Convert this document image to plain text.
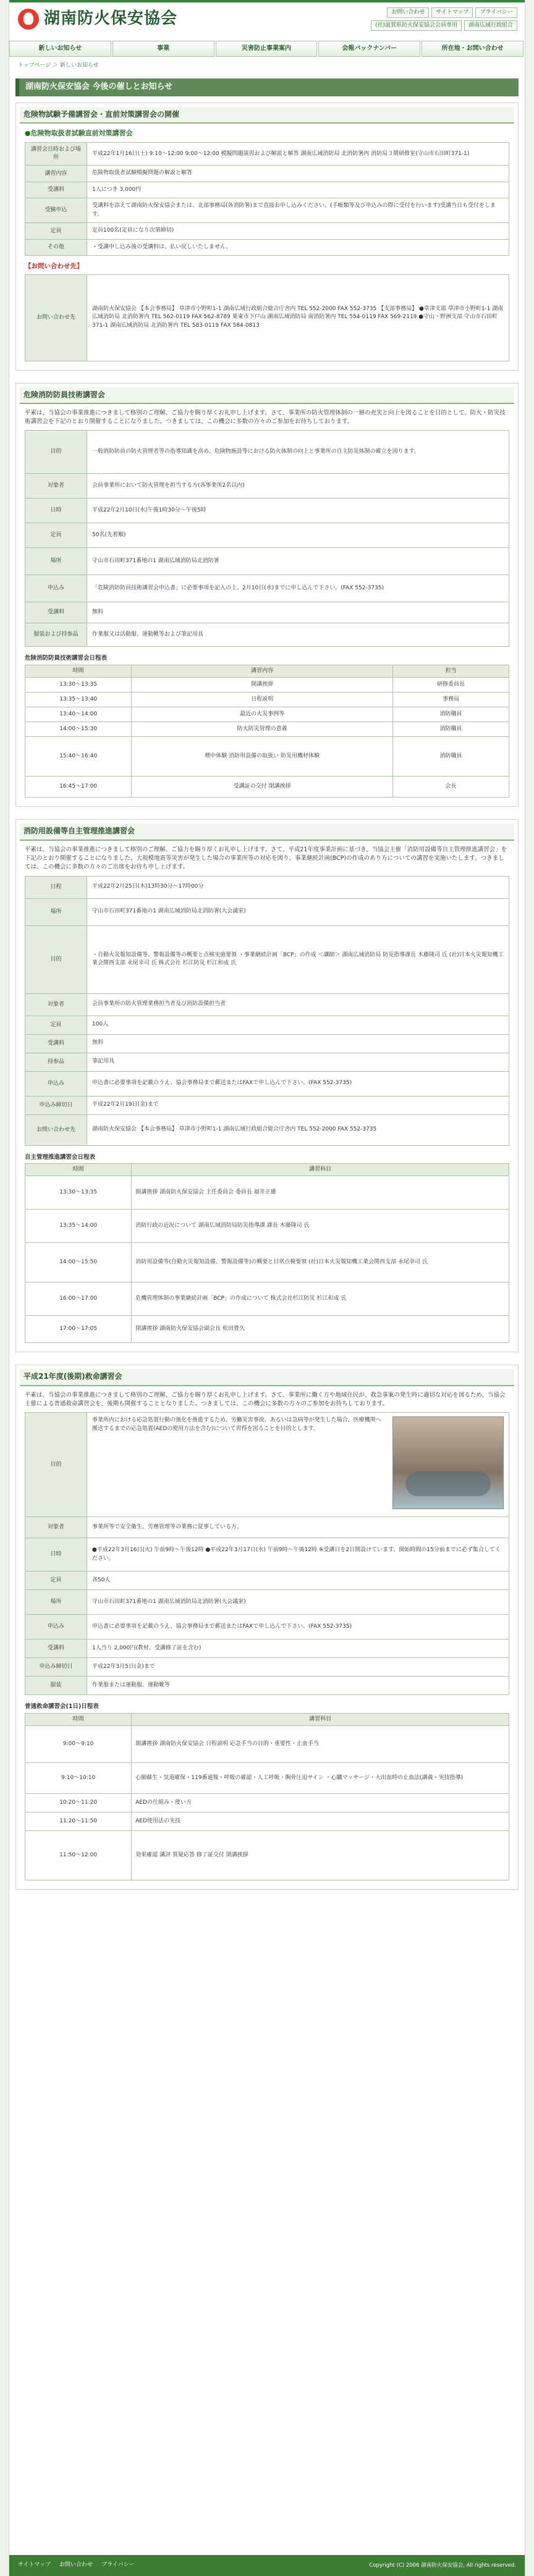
湖南防火保安協会	お問い合わせ	サイトマップ	プライバシー
(社)滋賀県防火保安協会会員専用	湖南広域行政組合
新しいお知らせ	事業	災害防止事業案内	会報バックナンバー	所在地・お問い合わせ
トップページ ＞ 新しいお知らせ
湖南防火保安協会 今後の催しとお知らせ
危険物試験予備講習会・直前対策講習会の開催
●危険物取扱者試験直前対策講習会
講習会日時および場所	平成22年1月16日(土) 9:10〜12:00 9:00〜12:00 模擬問題演習および解説と解答 湖南広域消防局 北消防署内 消防局３階研修室(守山市石田町371-1)
講習内容	危険物取扱者試験模擬問題の解説と解答
受講料	1人につき 3,000円
受験申込	受講料を添えて湖南防火保安協会または、北部事務局(各消防署)まで直接お申し込みください。(手帳類等及び申込みの際に受付を行います)受講当日も受付をします。
定員	定員100名(定員になり次第締切)
その他	・受講申し込み後の受講料は、払い戻しいたしません。
【お問い合わせ先】
お問い合わせ先	湖南防火保安協会 【本会事務局】 草津市小野町1-1 湖南広域行政組合総合庁舎内 TEL 552-2000 FAX 552-3735 【支部事務局】 ●草津支部 草津市小野町1-1 湖南広域消防局 北消防署内 TEL 562-0119 FAX 562-8789 栗東市下戸山 湖南広域消防局 南消防署内 TEL 554-0119 FAX 569-2119 ●守山・野洲支部 守山市石田町371-1 湖南広域消防局 北消防署内 TEL 583-0119 FAX 584-0813
危険消防防員技術講習会

平素は、当協会の事業推進につきまして格別のご理解、ご協力を賜り厚くお礼申し上げます。さて、事業所の防火管理体制の一層の充実と向上を図ることを目的として、防火・防災技術講習会を下記のとおり開催することになりました。つきましては、この機会に多数の方々のご参加をお待ちしております。

目的	一般消防防員の防火管理者等の指導知識を高め、危険物施設等における防火体制の向上と事業所の自主防災体制の確立を図ります。
対象者	会員事業所において防火管理を担当する方(各事業所2名以内)
日時	平成22年2月10日(水)午後1時30分〜午後5時
定員	50名(先着順)
場所	守山市石田町371番地の1 湖南広域消防局北消防署
申込み	「危険消防防員技術講習会申込書」に必要事項を記入の上、2月10日(水)までに申し込んで下さい。(FAX 552-3735)
受講料	無料
服装および持参品	作業服又は活動服、運動靴等および筆記用具
危険消防防員技術講習会日程表
時間	講習内容	担当
13:30〜13:35	開講挨拶	研修委員長
13:35〜13:40	日程説明	事務局
13:40〜14:00	最近の火災事例等	消防職員
14:00〜15:30	防火防災管理の意義	消防職員
15:40〜16:40	煙中体験 消防用設備の取扱い 防災用機材体験	消防職員
16:45〜17:00	受講証の交付 閉講挨拶	会長
消防用設備等自主管理推進講習会

平素は、当協会の事業推進につきまして格別のご理解、ご協力を賜り厚くお礼申し上げます。さて、平成21年度事業計画に基づき、当協会主催「消防用設備等自主管理推進講習会」を下記のとおり開催することになりました。大規模地震等災害が発生した場合の事業所等の対応を図り、事業継続計画(BCP)の作成のあり方についての講習を実施いたします。つきましては、この機会に多数の方々のご出席をお待ち申し上げます。

日程	平成22年2月25日(木)13時30分〜17時00分
場所	守山市石田町371番地の1 湖南広域消防局北消防署(大会議室)
目的	・自動火災報知設備等、警報設備等の概要と点検実施要領 ・事業継続計画「BCP」の作成 ＜講師＞ 湖南広域消防局 防災指導課長 木藤隆司 氏 (社)日本火災報知機工業会関西支部 永尾幸司 氏 株式会社 杉江防災 杉江和成 氏
対象者	会員事業所の防火管理業務担当者及び消防設備担当者
定員	100人
受講料	無料
持参品	筆記用具
申込み	申込書に必要事項を記載のうえ、協会事務局まで郵送またはFAXで申し込んで下さい。(FAX 552-3735)
申込み締切日	平成22年2月19日(金)まで
お問い合わせ先	湖南防火保安協会 【本会事務局】 草津市小野町1-1 湖南広域行政組合総合庁舎内 TEL 552-2000 FAX 552-3735
自主管理推進講習会日程表
時間	講習科目
13:30〜13:35	開講挨拶 湖南防火保安協会 主任委員会 委員長 福井正雄
13:35〜14:00	消防行政の近況について 湖南広域消防局防災指導課 課長 木藤隆司 氏
14:00〜15:50	消防用設備等(自動火災報知設備、警報設備等)の概要と日常点検要領 (社)日本火災報知機工業会関西支部 永尾幸司 氏
16:00〜17:00	危機管理体制の事業継続計画「BCP」の作成について 株式会社杉江防災 杉江和成 氏
17:00〜17:05	閉講挨拶 湖南防火保安協会副会長 松田豊久
平成21年度(後期)救命講習会

平素は、当協会の事業推進につきまして格別のご理解、ご協力を賜り厚くお礼申し上げます。さて、事業所に働く方や地域住民が、救急事案の発生時に適切な対応を図るため、当協会主催による普通救命講習会を、後期も開催することとなりました。つきましては、この機会に多数の方々のご参加をお待ちしております。

目的	事業所内における応急処置行動の強化を推進するため、労働災害事故、あるいは急病等が発生した場合、医療機関へ搬送するまでの応急処置(AEDの使用方法を含む)について習得を図ることを目的とします。

対象者	事業所等で安全衛生、労務管理等の業務に従事している方。
日時	●平成22年3月16日(火) 午前9時〜午後12時 ●平成22年3月17日(水) 午前9時〜午後12時 ※受講日を2日間設けています。開始時間の15分前までに必ず集合してください。
定員	各50人
場所	守山市石田町371番地の1 湖南広域消防局北消防署(大会議室)
申込み	申込書に必要事項を記載のうえ、協会事務局まで郵送またはFAXで申し込んで下さい。(FAX 552-3735)
受講料	1人当り 2,000円(教材、受講修了証を含む)
申込み締切日	平成22年3月5日(金)まで
服装	作業服または運動服、運動靴等
普通救命講習会(1日)日程表
時間	講習科目
9:00〜9:10	開講挨拶 湖南防火保安協会 日程説明 応急手当の目的・重要性・止血手当
9:10〜10:10	心肺蘇生・気道確保・119番通報・呼吸の確認・人工呼吸・胸骨圧迫サイン ・心臓マッサージ・大出血時の止血法(講義・実技指導)
10:20〜11:20	AEDの仕組み・使い方
11:20〜11:50	AED使用法の実技
11:50〜12:00	効果確認 講評 質疑応答 修了証交付 閉講挨拶
サイトマップ お問い合わせ プライバシー	Copyright (C) 2006 湖南防火保安協会, All rights reserved.
